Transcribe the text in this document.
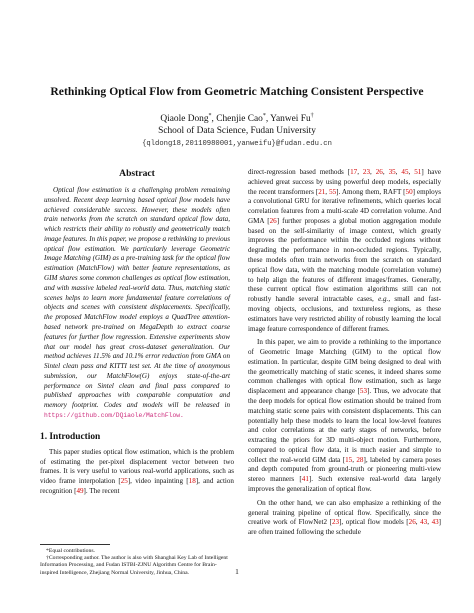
Rethinking Optical Flow from Geometric Matching Consistent Perspective
Qiaole Dong*, Chenjie Cao*, Yanwei Fu†
School of Data Science, Fudan University
{qldong18,20110980001,yanweifu}@fudan.edu.cn
Abstract

Optical flow estimation is a challenging problem remaining unsolved. Recent deep learning based optical flow models have achieved considerable success. However, these models often train networks from the scratch on standard optical flow data, which restricts their ability to robustly and geometrically match image features. In this paper, we propose a rethinking to previous optical flow estimation. We particularly leverage Geometric Image Matching (GIM) as a pre-training task for the optical flow estimation (MatchFlow) with better feature representations, as GIM shares some common challenges as optical flow estimation, and with massive labeled real-world data. Thus, matching static scenes helps to learn more fundamental feature correlations of objects and scenes with consistent displacements. Specifically, the proposed MatchFlow model employs a QuadTree attention-based network pre-trained on MegaDepth to extract coarse features for further flow regression. Extensive experiments show that our model has great cross-dataset generalization. Our method achieves 11.5% and 10.1% error reduction from GMA on Sintel clean pass and KITTI test set. At the time of anonymous submission, our MatchFlow(G) enjoys state-of-the-art performance on Sintel clean and final pass compared to published approaches with comparable computation and memory footprint. Codes and models will be released in https://github.com/DQiaole/MatchFlow.

1. Introduction

This paper studies optical flow estimation, which is the problem of estimating the per-pixel displacement vector between two frames. It is very useful to various real-world applications, such as video frame interpolation [25], video inpainting [18], and action recognition [49]. The recent

*Equal contributions.
†Corresponding author. The author is also with Shanghai Key Lab of Intelligent Information Processing, and Fudan ISTBI-ZJNU Algorithm Centre for Brain-inspired Intelligence, Zhejiang Normal University, Jinhua, China.

direct-regression based methods [17, 23, 26, 35, 45, 51] have achieved great success by using powerful deep models, especially the recent transformers [21, 55]. Among them, RAFT [50] employs a convolutional GRU for iterative refinements, which queries local correlation features from a multi-scale 4D correlation volume. And GMA [26] further proposes a global motion aggregation module based on the self-similarity of image context, which greatly improves the performance within the occluded regions without degrading the performance in non-occluded regions. Typically, these models often train networks from the scratch on standard optical flow data, with the matching module (correlation volume) to help align the features of different images/frames. Generally, these current optical flow estimation algorithms still can not robustly handle several intractable cases, e.g., small and fast-moving objects, occlusions, and textureless regions, as these estimators have very restricted ability of robustly learning the local image feature correspondence of different frames.

In this paper, we aim to provide a rethinking to the importance of Geometric Image Matching (GIM) to the optical flow estimation. In particular, despite GIM being designed to deal with the geometrically matching of static scenes, it indeed shares some common challenges with optical flow estimation, such as large displacement and appearance change [53]. Thus, we advocate that the deep models for optical flow estimation should be trained from matching static scene pairs with consistent displacements. This can potentially help these models to learn the local low-level features and color correlations at the early stages of networks, before extracting the priors for 3D multi-object motion. Furthermore, compared to optical flow data, it is much easier and simple to collect the real-world GIM data [15, 28], labeled by camera poses and depth computed from ground-truth or pioneering multi-view stereo manners [41]. Such extensive real-world data largely improves the generalization of optical flow.

On the other hand, we can also emphasize a rethinking of the general training pipeline of optical flow. Specifically, since the creative work of FlowNet2 [23], optical flow models [26, 43, 43] are often trained following the schedule

1
